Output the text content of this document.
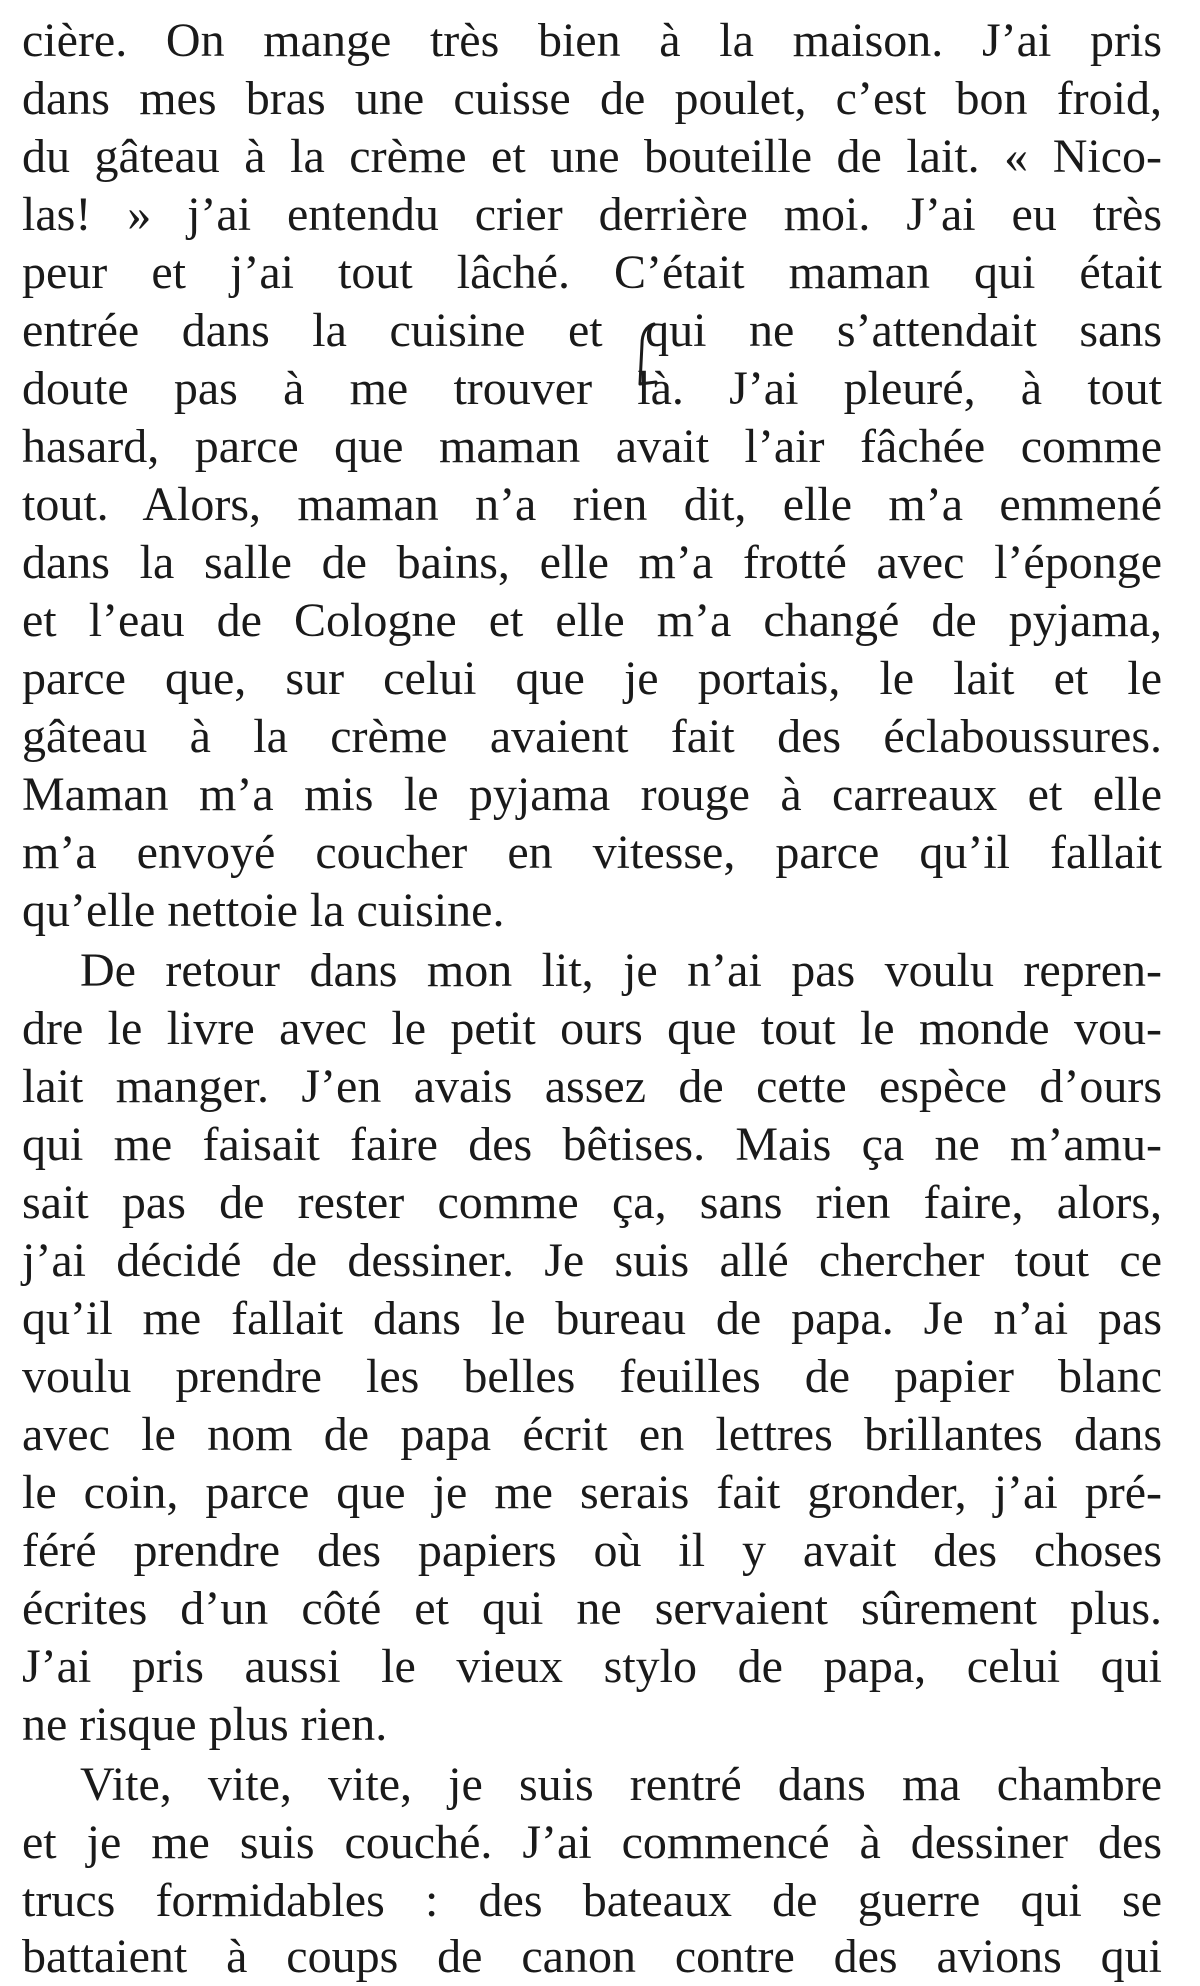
cière. On mange très bien à la maison. J’ai pris
dans mes bras une cuisse de poulet, c’est bon froid,
du gâteau à la crème et une bouteille de lait. « Nico-
las! » j’ai entendu crier derrière moi. J’ai eu très
peur et j’ai tout lâché. C’était maman qui était
entrée dans la cuisine et qui ne s’attendait sans
doute pas à me trouver là. J’ai pleuré, à tout
hasard, parce que maman avait l’air fâchée comme
tout. Alors, maman n’a rien dit, elle m’a emmené
dans la salle de bains, elle m’a frotté avec l’éponge
et l’eau de Cologne et elle m’a changé de pyjama,
parce que, sur celui que je portais, le lait et le
gâteau à la crème avaient fait des éclaboussures.
Maman m’a mis le pyjama rouge à carreaux et elle
m’a envoyé coucher en vitesse, parce qu’il fallait
qu’elle nettoie la cuisine.
De retour dans mon lit, je n’ai pas voulu repren-
dre le livre avec le petit ours que tout le monde vou-
lait manger. J’en avais assez de cette espèce d’ours
qui me faisait faire des bêtises. Mais ça ne m’amu-
sait pas de rester comme ça, sans rien faire, alors,
j’ai décidé de dessiner. Je suis allé chercher tout ce
qu’il me fallait dans le bureau de papa. Je n’ai pas
voulu prendre les belles feuilles de papier blanc
avec le nom de papa écrit en lettres brillantes dans
le coin, parce que je me serais fait gronder, j’ai pré-
féré prendre des papiers où il y avait des choses
écrites d’un côté et qui ne servaient sûrement plus.
J’ai pris aussi le vieux stylo de papa, celui qui
ne risque plus rien.
Vite, vite, vite, je suis rentré dans ma chambre
et je me suis couché. J’ai commencé à dessiner des
trucs formidables : des bateaux de guerre qui se
battaient à coups de canon contre des avions qui
